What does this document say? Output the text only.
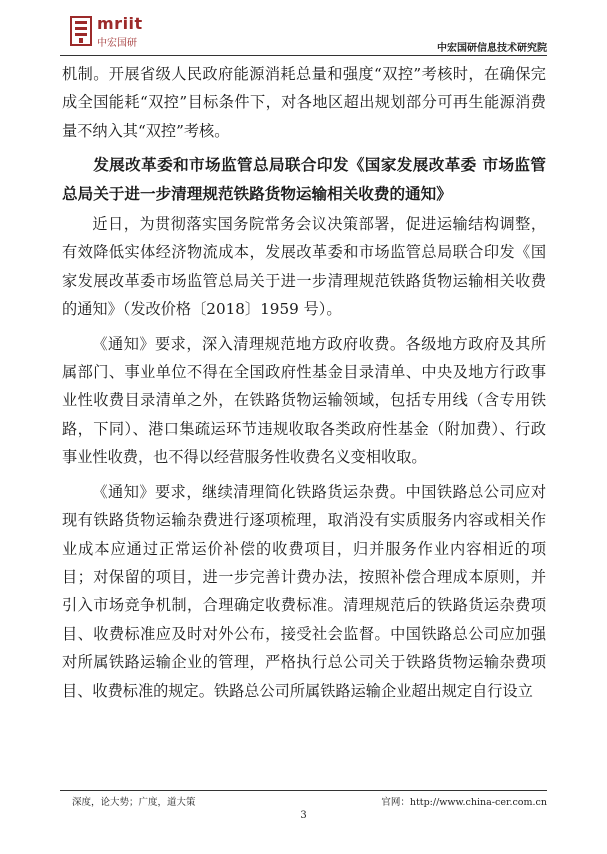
mriit
中宏国研	中宏国研信息技术研究院

机制。开展省级人民政府能源消耗总量和强度“双控”考核时，在确保完成全国能耗“双控”目标条件下，对各地区超出规划部分可再生能源消费量不纳入其“双控”考核。

发展改革委和市场监管总局联合印发《国家发展改革委 市场监管总局关于进一步清理规范铁路货物运输相关收费的通知》

近日，为贯彻落实国务院常务会议决策部署，促进运输结构调整，有效降低实体经济物流成本，发展改革委和市场监管总局联合印发《国家发展改革委市场监管总局关于进一步清理规范铁路货物运输相关收费的通知》（发改价格〔2018〕1959 号）。

《通知》要求，深入清理规范地方政府收费。各级地方政府及其所属部门、事业单位不得在全国政府性基金目录清单、中央及地方行政事业性收费目录清单之外，在铁路货物运输领域，包括专用线（含专用铁路，下同）、港口集疏运环节违规收取各类政府性基金（附加费）、行政事业性收费，也不得以经营服务性收费名义变相收取。

《通知》要求，继续清理简化铁路货运杂费。中国铁路总公司应对现有铁路货物运输杂费进行逐项梳理，取消没有实质服务内容或相关作业成本应通过正常运价补偿的收费项目，归并服务作业内容相近的项目；对保留的项目，进一步完善计费办法，按照补偿合理成本原则，并引入市场竞争机制，合理确定收费标准。清理规范后的铁路货运杂费项目、收费标准应及时对外公布，接受社会监督。中国铁路总公司应加强对所属铁路运输企业的管理，严格执行总公司关于铁路货物运输杂费项目、收费标准的规定。铁路总公司所属铁路运输企业超出规定自行设立

深度，论大势；广度，道大策	官网：http://www.china-cer.com.cn
3
